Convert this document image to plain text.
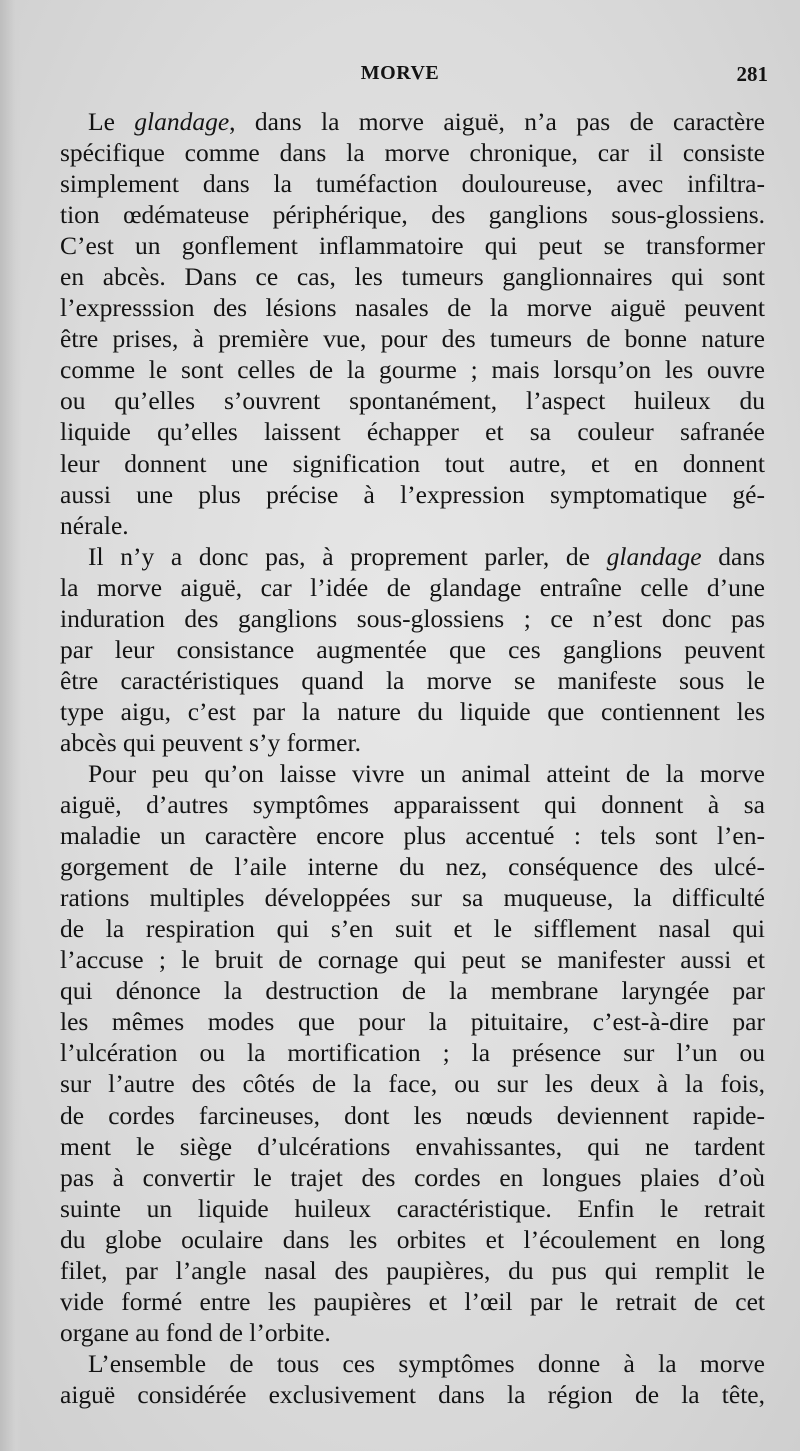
MORVE	281
Le glandage, dans la morve aiguë, n’a pas de caractère
spécifique comme dans la morve chronique, car il consiste
simplement dans la tuméfaction douloureuse, avec infiltra-
tion œdémateuse périphérique, des ganglions sous-glossiens.
C’est un gonflement inflammatoire qui peut se transformer
en abcès. Dans ce cas, les tumeurs ganglionnaires qui sont
l’expresssion des lésions nasales de la morve aiguë peuvent
être prises, à première vue, pour des tumeurs de bonne nature
comme le sont celles de la gourme ; mais lorsqu’on les ouvre
ou qu’elles s’ouvrent spontanément, l’aspect huileux du
liquide qu’elles laissent échapper et sa couleur safranée
leur donnent une signification tout autre, et en donnent
aussi une plus précise à l’expression symptomatique gé-
nérale.
Il n’y a donc pas, à proprement parler, de glandage dans
la morve aiguë, car l’idée de glandage entraîne celle d’une
induration des ganglions sous-glossiens ; ce n’est donc pas
par leur consistance augmentée que ces ganglions peuvent
être caractéristiques quand la morve se manifeste sous le
type aigu, c’est par la nature du liquide que contiennent les
abcès qui peuvent s’y former.
Pour peu qu’on laisse vivre un animal atteint de la morve
aiguë, d’autres symptômes apparaissent qui donnent à sa
maladie un caractère encore plus accentué : tels sont l’en-
gorgement de l’aile interne du nez, conséquence des ulcé-
rations multiples développées sur sa muqueuse, la difficulté
de la respiration qui s’en suit et le sifflement nasal qui
l’accuse ; le bruit de cornage qui peut se manifester aussi et
qui dénonce la destruction de la membrane laryngée par
les mêmes modes que pour la pituitaire, c’est-à-dire par
l’ulcération ou la mortification ; la présence sur l’un ou
sur l’autre des côtés de la face, ou sur les deux à la fois,
de cordes farcineuses, dont les nœuds deviennent rapide-
ment le siège d’ulcérations envahissantes, qui ne tardent
pas à convertir le trajet des cordes en longues plaies d’où
suinte un liquide huileux caractéristique. Enfin le retrait
du globe oculaire dans les orbites et l’écoulement en long
filet, par l’angle nasal des paupières, du pus qui remplit le
vide formé entre les paupières et l’œil par le retrait de cet
organe au fond de l’orbite.
L’ensemble de tous ces symptômes donne à la morve
aiguë considérée exclusivement dans la région de la tête,
